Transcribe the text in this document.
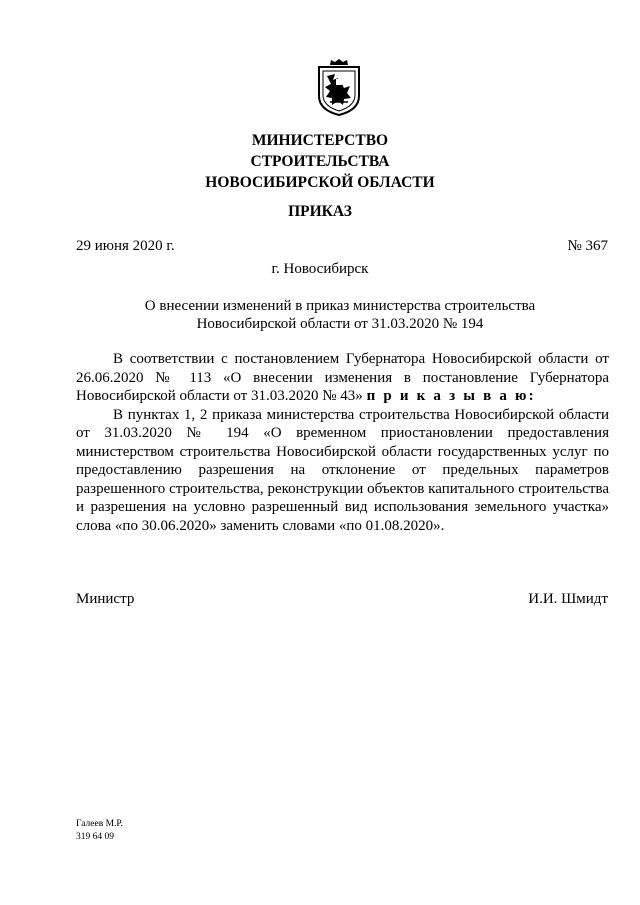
МИНИСТЕРСТВО
СТРОИТЕЛЬСТВА
НОВОСИБИРСКОЙ ОБЛАСТИ
ПРИКАЗ
29 июня 2020 г.	№ 367
г. Новосибирск
О внесении изменений в приказ министерства строительства
Новосибирской области от 31.03.2020 № 194

В соответствии с постановлением Губернатора Новосибирской области от 26.06.2020 № 113 «О внесении изменения в постановление Губернатора Новосибирской области от 31.03.2020 № 43» п р и к а з ы в а ю:

В пунктах 1, 2 приказа министерства строительства Новосибирской области от 31.03.2020 № 194 «О временном приостановлении предоставления министерством строительства Новосибирской области государственных услуг по предоставлению разрешения на отклонение от предельных параметров разрешенного строительства, реконструкции объектов капитального строительства и разрешения на условно разрешенный вид использования земельного участка» слова «по 30.06.2020» заменить словами «по 01.08.2020».

Министр	И.И. Шмидт
Галеев М.Р.
319 64 09
